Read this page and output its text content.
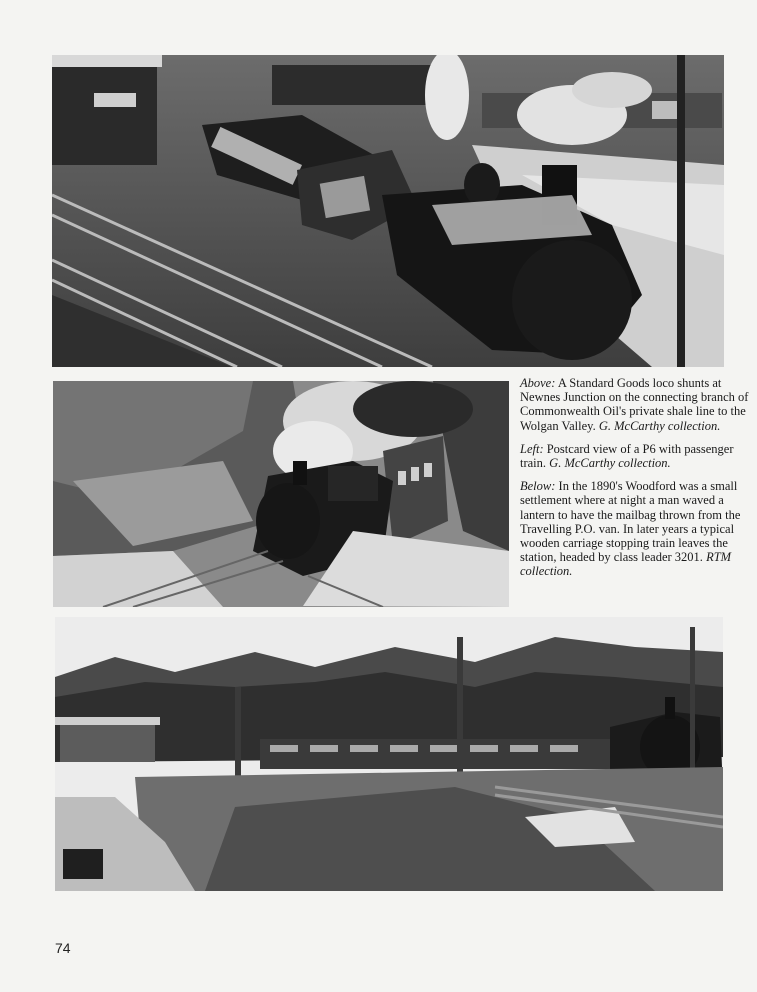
Above: A Standard Goods loco shunts at Newnes Junction on the connecting branch of Commonwealth Oil's private shale line to the Wolgan Valley. G. McCarthy collection.

Left: Postcard view of a P6 with passenger train. G. McCarthy collection.

Below: In the 1890's Woodford was a small settlement where at night a man waved a lantern to have the mailbag thrown from the Travelling P.O. van. In later years a typical wooden carriage stopping train leaves the station, headed by class leader 3201. RTM collection.

74
